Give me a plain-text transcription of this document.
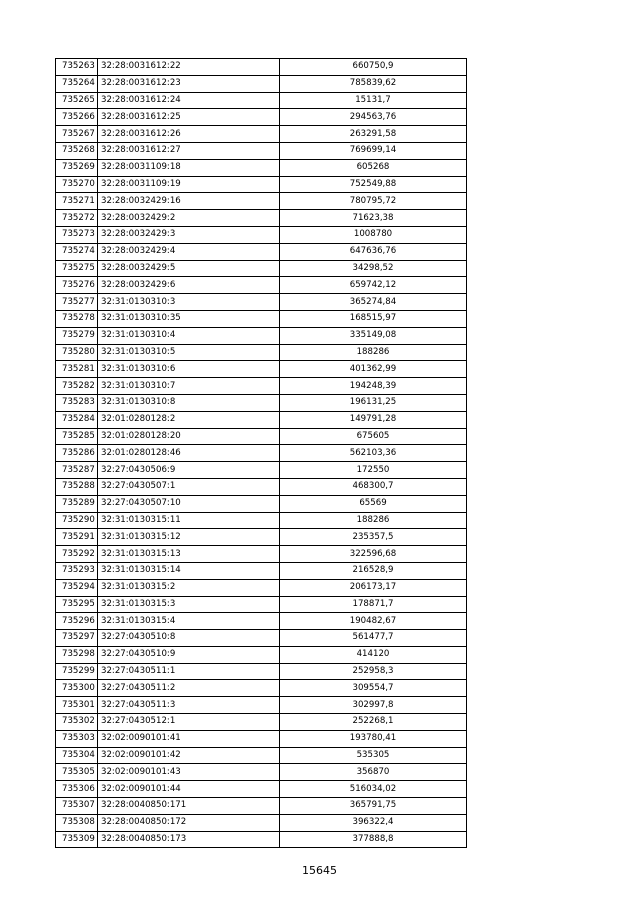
735263	32:28:0031612:22	660750,9
735264	32:28:0031612:23	785839,62
735265	32:28:0031612:24	15131,7
735266	32:28:0031612:25	294563,76
735267	32:28:0031612:26	263291,58
735268	32:28:0031612:27	769699,14
735269	32:28:0031109:18	605268
735270	32:28:0031109:19	752549,88
735271	32:28:0032429:16	780795,72
735272	32:28:0032429:2	71623,38
735273	32:28:0032429:3	1008780
735274	32:28:0032429:4	647636,76
735275	32:28:0032429:5	34298,52
735276	32:28:0032429:6	659742,12
735277	32:31:0130310:3	365274,84
735278	32:31:0130310:35	168515,97
735279	32:31:0130310:4	335149,08
735280	32:31:0130310:5	188286
735281	32:31:0130310:6	401362,99
735282	32:31:0130310:7	194248,39
735283	32:31:0130310:8	196131,25
735284	32:01:0280128:2	149791,28
735285	32:01:0280128:20	675605
735286	32:01:0280128:46	562103,36
735287	32:27:0430506:9	172550
735288	32:27:0430507:1	468300,7
735289	32:27:0430507:10	65569
735290	32:31:0130315:11	188286
735291	32:31:0130315:12	235357,5
735292	32:31:0130315:13	322596,68
735293	32:31:0130315:14	216528,9
735294	32:31:0130315:2	206173,17
735295	32:31:0130315:3	178871,7
735296	32:31:0130315:4	190482,67
735297	32:27:0430510:8	561477,7
735298	32:27:0430510:9	414120
735299	32:27:0430511:1	252958,3
735300	32:27:0430511:2	309554,7
735301	32:27:0430511:3	302997,8
735302	32:27:0430512:1	252268,1
735303	32:02:0090101:41	193780,41
735304	32:02:0090101:42	535305
735305	32:02:0090101:43	356870
735306	32:02:0090101:44	516034,02
735307	32:28:0040850:171	365791,75
735308	32:28:0040850:172	396322,4
735309	32:28:0040850:173	377888,8
15645
